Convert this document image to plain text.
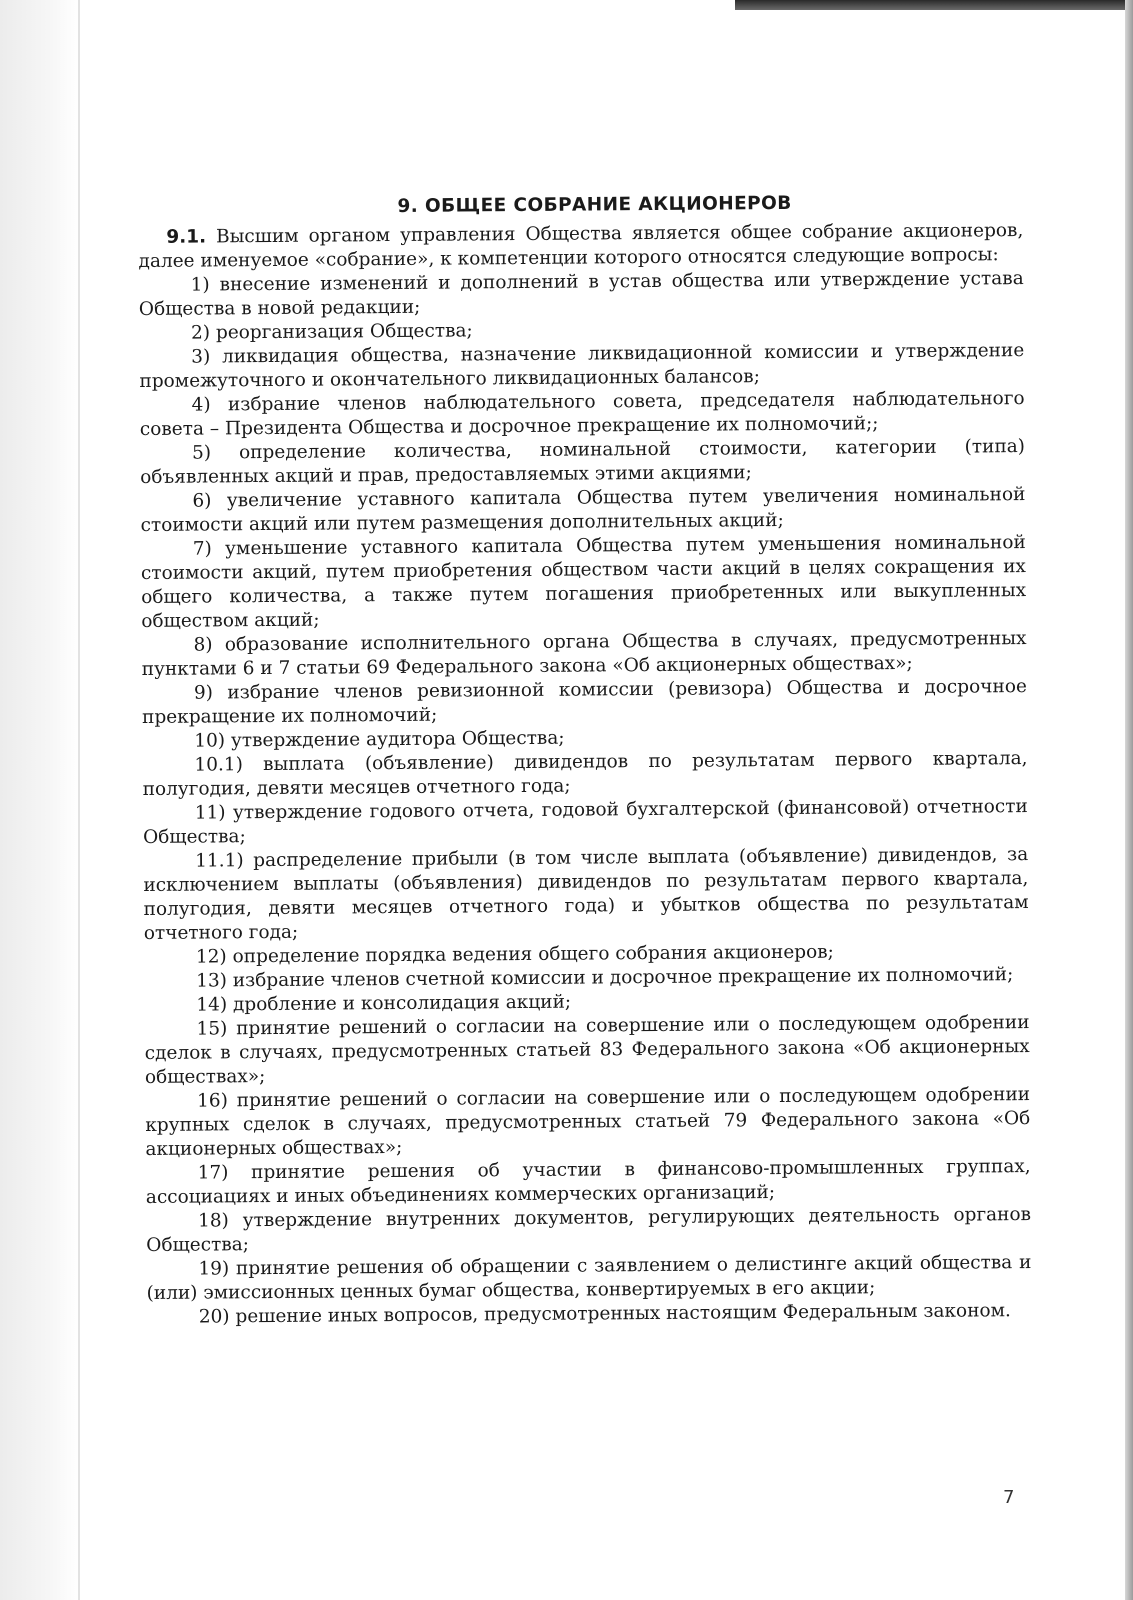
9. ОБЩЕЕ СОБРАНИЕ АКЦИОНЕРОВ

9.1. Высшим органом управления Общества является общее собрание акционеров, далее именуемое «собрание», к компетенции которого относятся следующие вопросы:

1) внесение изменений и дополнений в устав общества или утверждение устава Общества в новой редакции;
2) реорганизация Общества;
3) ликвидация общества, назначение ликвидационной комиссии и утверждение промежуточного и окончательного ликвидационных балансов;
4) избрание членов наблюдательного совета, председателя наблюдательного совета – Президента Общества и досрочное прекращение их полномочий;;
5) определение количества, номинальной стоимости, категории (типа) объявленных акций и прав, предоставляемых этими акциями;
6) увеличение уставного капитала Общества путем увеличения номинальной стоимости акций или путем размещения дополнительных акций;
7) уменьшение уставного капитала Общества путем уменьшения номинальной стоимости акций, путем приобретения обществом части акций в целях сокращения их общего количества, а также путем погашения приобретенных или выкупленных обществом акций;
8) образование исполнительного органа Общества в случаях, предусмотренных пунктами 6 и 7 статьи 69 Федерального закона «Об акционерных обществах»;
9) избрание членов ревизионной комиссии (ревизора) Общества и досрочное прекращение их полномочий;
10) утверждение аудитора Общества;
10.1) выплата (объявление) дивидендов по результатам первого квартала, полугодия, девяти месяцев отчетного года;
11) утверждение годового отчета, годовой бухгалтерской (финансовой) отчетности Общества;
11.1) распределение прибыли (в том числе выплата (объявление) дивидендов, за исключением выплаты (объявления) дивидендов по результатам первого квартала, полугодия, девяти месяцев отчетного года) и убытков общества по результатам отчетного года;
12) определение порядка ведения общего собрания акционеров;
13) избрание членов счетной комиссии и досрочное прекращение их полномочий;
14) дробление и консолидация акций;
15) принятие решений о согласии на совершение или о последующем одобрении сделок в случаях, предусмотренных статьей 83 Федерального закона «Об акционерных обществах»;
16) принятие решений о согласии на совершение или о последующем одобрении крупных сделок в случаях, предусмотренных статьей 79 Федерального закона «Об акционерных обществах»;
17) принятие решения об участии в финансово-промышленных группах, ассоциациях и иных объединениях коммерческих организаций;
18) утверждение внутренних документов, регулирующих деятельность органов Общества;
19) принятие решения об обращении с заявлением о делистинге акций общества и (или) эмиссионных ценных бумаг общества, конвертируемых в его акции;
20) решение иных вопросов, предусмотренных настоящим Федеральным законом.
7
